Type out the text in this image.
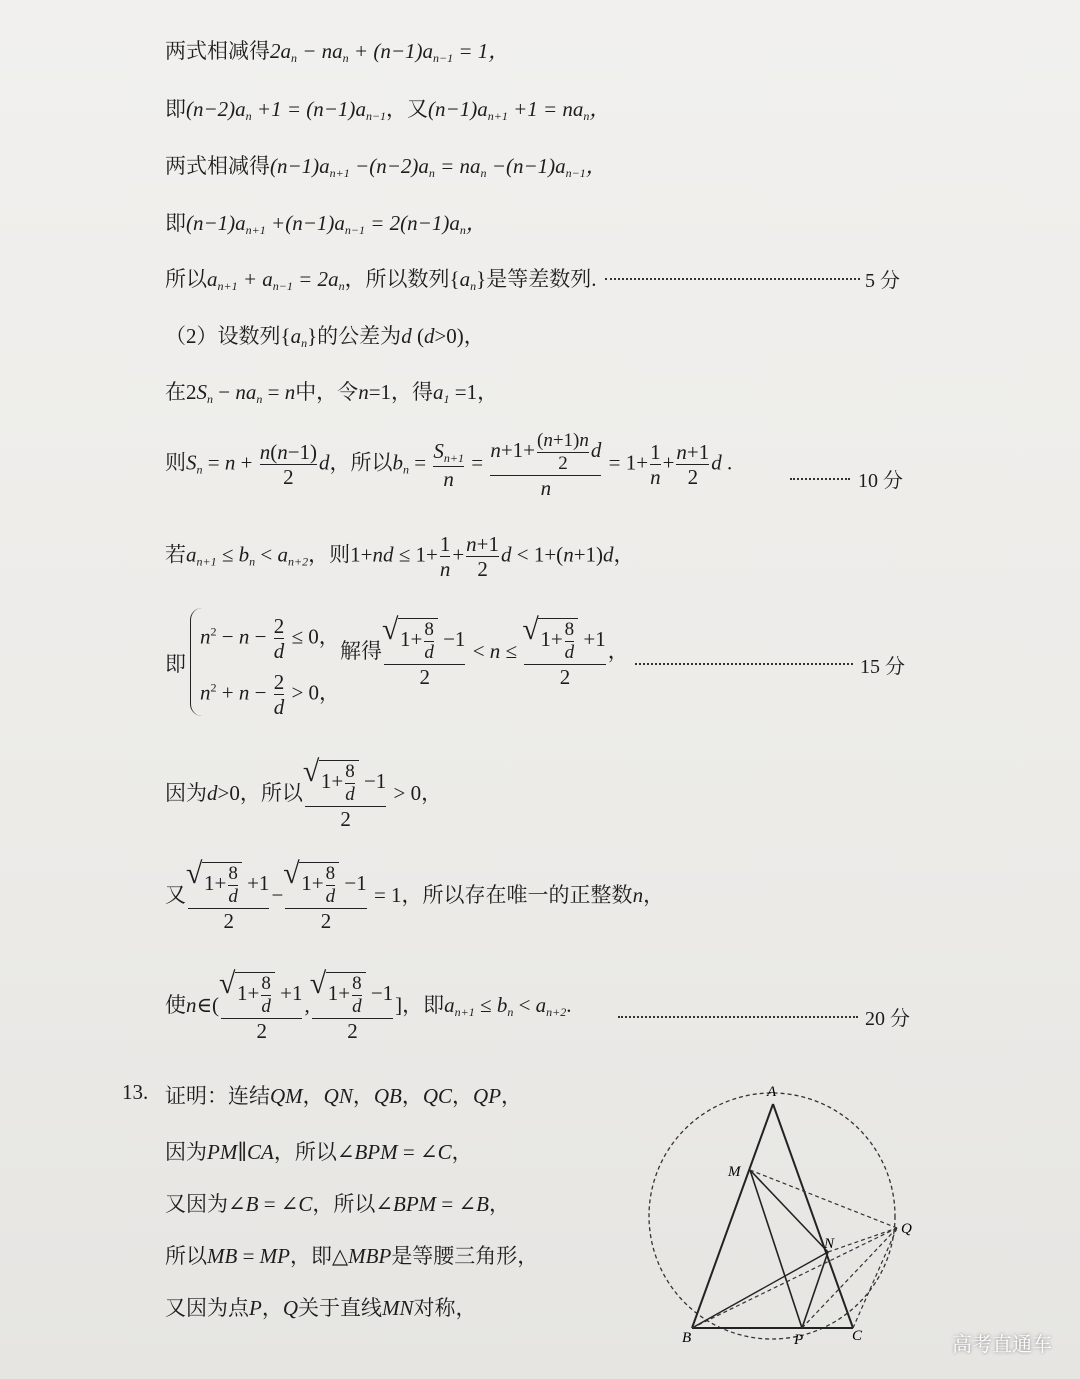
两式相减得$2a_n - na_n + (n-1)a_{n-1} = 1$，
即$(n-2)a_n +1 = (n-1)a_{n-1}$，又$(n-1)a_{n+1} +1 = na_n$，
两式相减得$(n-1)a_{n+1} -(n-2)a_n = na_n -(n-1)a_{n-1}$，
即$(n-1)a_{n+1} +(n-1)a_{n-1} = 2(n-1)a_n$，
所以$a_{n+1} + a_{n-1} = 2a_n$，所以数列$\{a_n\}$是等差数列.	5 分
（2）设数列$\{a_n\}$的公差为d (d>0)，
在$2S_n - na_n = n$中，令n=1，得$a_1 =1$，
则$S_n = n + \frac{n(n-1)}{2}$ d，所以$b_n = \frac{S_{n+1}}{n} = \frac{n+1+ \frac{(n+1)n}{2} d}{n} = 1+ \frac{1}{n} + \frac{n+1}{2}$ d .
10 分
若$a_{n+1} \le b_n < a_{n+2}$，则$1+nd \le 1+ \frac{1}{n} + \frac{n+1}{2}$ d < 1+(n+1)d，
即
$n^2 - n - \frac{2}{d} \le 0$，
$n^2 + n - \frac{2}{d} > 0$，
解得 √ $\frac{1+ \frac{8}{d} -1}{2} < n$ ≤ √ $\frac{1+ \frac{8}{d} +1}{2}$ ，
15 分
因为d>0，所以 √ $\frac{1+ \frac{8}{d} -1}{2} > 0$，
又 √ $\frac{1+ \frac{8}{d} +1}{2}$ − √ $\frac{1+ \frac{8}{d} -1}{2} = 1$，所以存在唯一的正整数n，
使n∈( √ $\frac{1+ \frac{8}{d} +1}{2}$ , √ $\frac{1+ \frac{8}{d} -1}{2}$ ]，即$a_{n+1} \le b_n < a_{n+2}$.
20 分
13. 证明：连结QM，QN，QB，QC，QP，
因为PM∥CA，所以∠BPM = ∠C，
又因为∠B = ∠C，所以∠BPM = ∠B，
所以MB = MP，即△MBP是等腰三角形，
又因为点P，Q关于直线MN对称，
A
M
N
Q
B	P	C	高考直通车
